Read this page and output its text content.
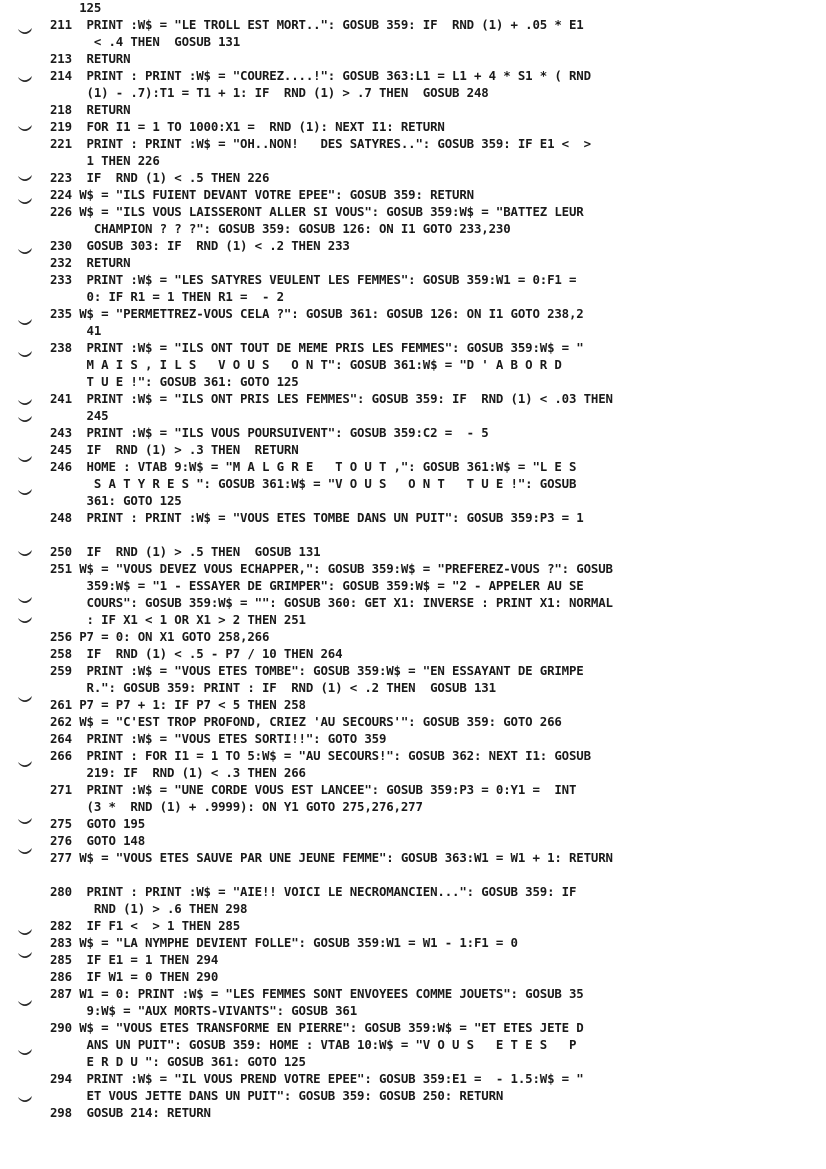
125
211  PRINT :W$ = "LE TROLL EST MORT..": GOSUB 359: IF  RND (1) + .05 * E1
< .4 THEN  GOSUB 131
213  RETURN
214  PRINT : PRINT :W$ = "COUREZ....!": GOSUB 363:L1 = L1 + 4 * S1 * ( RND
(1) - .7):T1 = T1 + 1: IF  RND (1) > .7 THEN  GOSUB 248
218  RETURN
219  FOR I1 = 1 TO 1000:X1 =  RND (1): NEXT I1: RETURN
221  PRINT : PRINT :W$ = "OH..NON!   DES SATYRES..": GOSUB 359: IF E1 <  >
1 THEN 226
223  IF  RND (1) < .5 THEN 226
224 W$ = "ILS FUIENT DEVANT VOTRE EPEE": GOSUB 359: RETURN
226 W$ = "ILS VOUS LAISSERONT ALLER SI VOUS": GOSUB 359:W$ = "BATTEZ LEUR
CHAMPION ? ? ?": GOSUB 359: GOSUB 126: ON I1 GOTO 233,230
230  GOSUB 303: IF  RND (1) < .2 THEN 233
232  RETURN
233  PRINT :W$ = "LES SATYRES VEULENT LES FEMMES": GOSUB 359:W1 = 0:F1 =
0: IF R1 = 1 THEN R1 =  - 2
235 W$ = "PERMETTREZ-VOUS CELA ?": GOSUB 361: GOSUB 126: ON I1 GOTO 238,2
41
238  PRINT :W$ = "ILS ONT TOUT DE MEME PRIS LES FEMMES": GOSUB 359:W$ = "
M A I S , I L S   V O U S   O N T": GOSUB 361:W$ = "D ' A B O R D
T U E !": GOSUB 361: GOTO 125
241  PRINT :W$ = "ILS ONT PRIS LES FEMMES": GOSUB 359: IF  RND (1) < .03 THEN
245
243  PRINT :W$ = "ILS VOUS POURSUIVENT": GOSUB 359:C2 =  - 5
245  IF  RND (1) > .3 THEN  RETURN
246  HOME : VTAB 9:W$ = "M A L G R E   T O U T ,": GOSUB 361:W$ = "L E S
S A T Y R E S ": GOSUB 361:W$ = "V O U S   O N T   T U E !": GOSUB
361: GOTO 125
248  PRINT : PRINT :W$ = "VOUS ETES TOMBE DANS UN PUIT": GOSUB 359:P3 = 1
250  IF  RND (1) > .5 THEN  GOSUB 131
251 W$ = "VOUS DEVEZ VOUS ECHAPPER,": GOSUB 359:W$ = "PREFEREZ-VOUS ?": GOSUB
359:W$ = "1 - ESSAYER DE GRIMPER": GOSUB 359:W$ = "2 - APPELER AU SE
COURS": GOSUB 359:W$ = "": GOSUB 360: GET X1: INVERSE : PRINT X1: NORMAL
: IF X1 < 1 OR X1 > 2 THEN 251
256 P7 = 0: ON X1 GOTO 258,266
258  IF  RND (1) < .5 - P7 / 10 THEN 264
259  PRINT :W$ = "VOUS ETES TOMBE": GOSUB 359:W$ = "EN ESSAYANT DE GRIMPE
R.": GOSUB 359: PRINT : IF  RND (1) < .2 THEN  GOSUB 131
261 P7 = P7 + 1: IF P7 < 5 THEN 258
262 W$ = "C'EST TROP PROFOND, CRIEZ 'AU SECOURS'": GOSUB 359: GOTO 266
264  PRINT :W$ = "VOUS ETES SORTI!!": GOTO 359
266  PRINT : FOR I1 = 1 TO 5:W$ = "AU SECOURS!": GOSUB 362: NEXT I1: GOSUB
219: IF  RND (1) < .3 THEN 266
271  PRINT :W$ = "UNE CORDE VOUS EST LANCEE": GOSUB 359:P3 = 0:Y1 =  INT
(3 *  RND (1) + .9999): ON Y1 GOTO 275,276,277
275  GOTO 195
276  GOTO 148
277 W$ = "VOUS ETES SAUVE PAR UNE JEUNE FEMME": GOSUB 363:W1 = W1 + 1: RETURN
280  PRINT : PRINT :W$ = "AIE!! VOICI LE NECROMANCIEN...": GOSUB 359: IF
RND (1) > .6 THEN 298
282  IF F1 <  > 1 THEN 285
283 W$ = "LA NYMPHE DEVIENT FOLLE": GOSUB 359:W1 = W1 - 1:F1 = 0
285  IF E1 = 1 THEN 294
286  IF W1 = 0 THEN 290
287 W1 = 0: PRINT :W$ = "LES FEMMES SONT ENVOYEES COMME JOUETS": GOSUB 35
9:W$ = "AUX MORTS-VIVANTS": GOSUB 361
290 W$ = "VOUS ETES TRANSFORME EN PIERRE": GOSUB 359:W$ = "ET ETES JETE D
ANS UN PUIT": GOSUB 359: HOME : VTAB 10:W$ = "V O U S   E T E S   P
E R D U ": GOSUB 361: GOTO 125
294  PRINT :W$ = "IL VOUS PREND VOTRE EPEE": GOSUB 359:E1 =  - 1.5:W$ = "
ET VOUS JETTE DANS UN PUIT": GOSUB 359: GOSUB 250: RETURN
298  GOSUB 214: RETURN
